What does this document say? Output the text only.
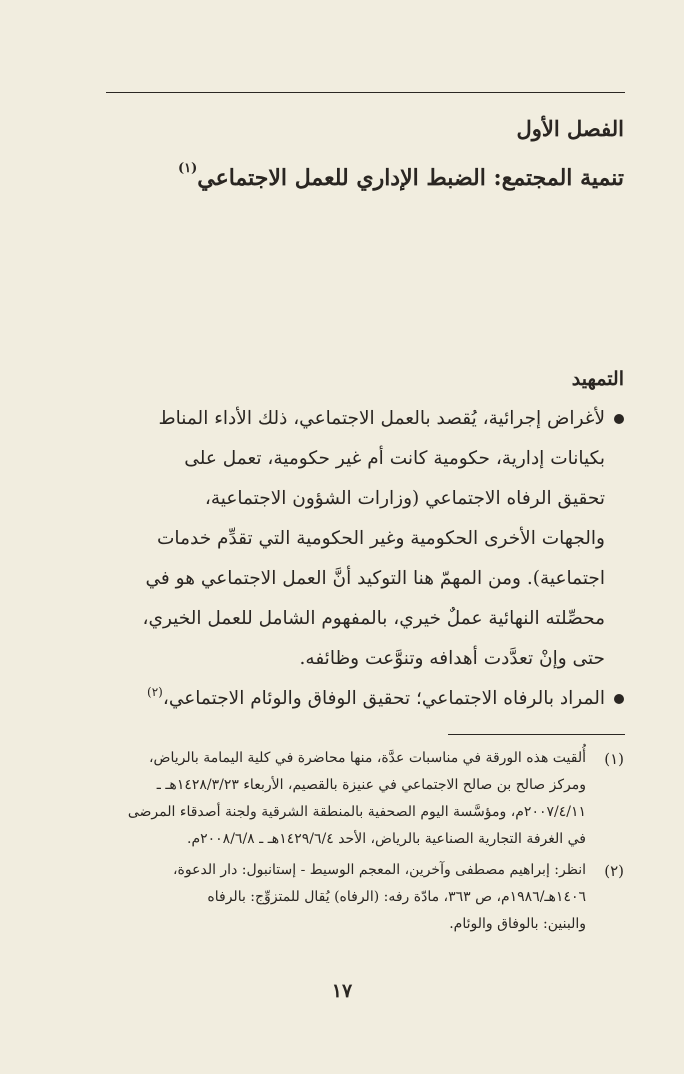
الفصل الأول
تنمية المجتمع: الضبط الإداري للعمل الاجتماعي$^{(١)}$
التمهيد
لأغراض إجرائية، يُقصد بالعمل الاجتماعي، ذلك الأداء المناط
بكيانات إدارية، حكومية كانت أم غير حكومية، تعمل على
تحقيق الرفاه الاجتماعي (وزارات الشؤون الاجتماعية،
والجهات الأخرى الحكومية وغير الحكومية التي تقدِّم خدمات
اجتماعية). ومن المهمّ هنا التوكيد أنَّ العمل الاجتماعي هو في
محصِّلته النهائية عملٌ خيري، بالمفهوم الشامل للعمل الخيري،
حتى وإنْ تعدَّدت أهدافه وتنوَّعت وظائفه.
المراد بالرفاه الاجتماعي؛ تحقيق الوفاق والوئام الاجتماعي،$^{(٢)}$
(١)
أُلقيت هذه الورقة في مناسبات عدَّة، منها محاضرة في كلية اليمامة بالرياض،
ومركز صالح بن صالح الاجتماعي في عنيزة بالقصيم، الأربعاء ١٤٢٨/٣/٢٣هـ ـ
٢٠٠٧/٤/١١م، ومؤسَّسة اليوم الصحفية بالمنطقة الشرقية ولجنة أصدقاء المرضى
في الغرفة التجارية الصناعية بالرياض، الأحد ١٤٢٩/٦/٤هـ ـ ٢٠٠٨/٦/٨م.
(٢)
انظر: إبراهيم مصطفى وآخرين، المعجم الوسيط - إستانبول: دار الدعوة،
١٤٠٦هـ/١٩٨٦م، ص ٣٦٣، مادّة رفه: (الرفاه) يُقال للمتزوِّج: بالرفاه
والبنين: بالوفاق والوئام.
١٧
